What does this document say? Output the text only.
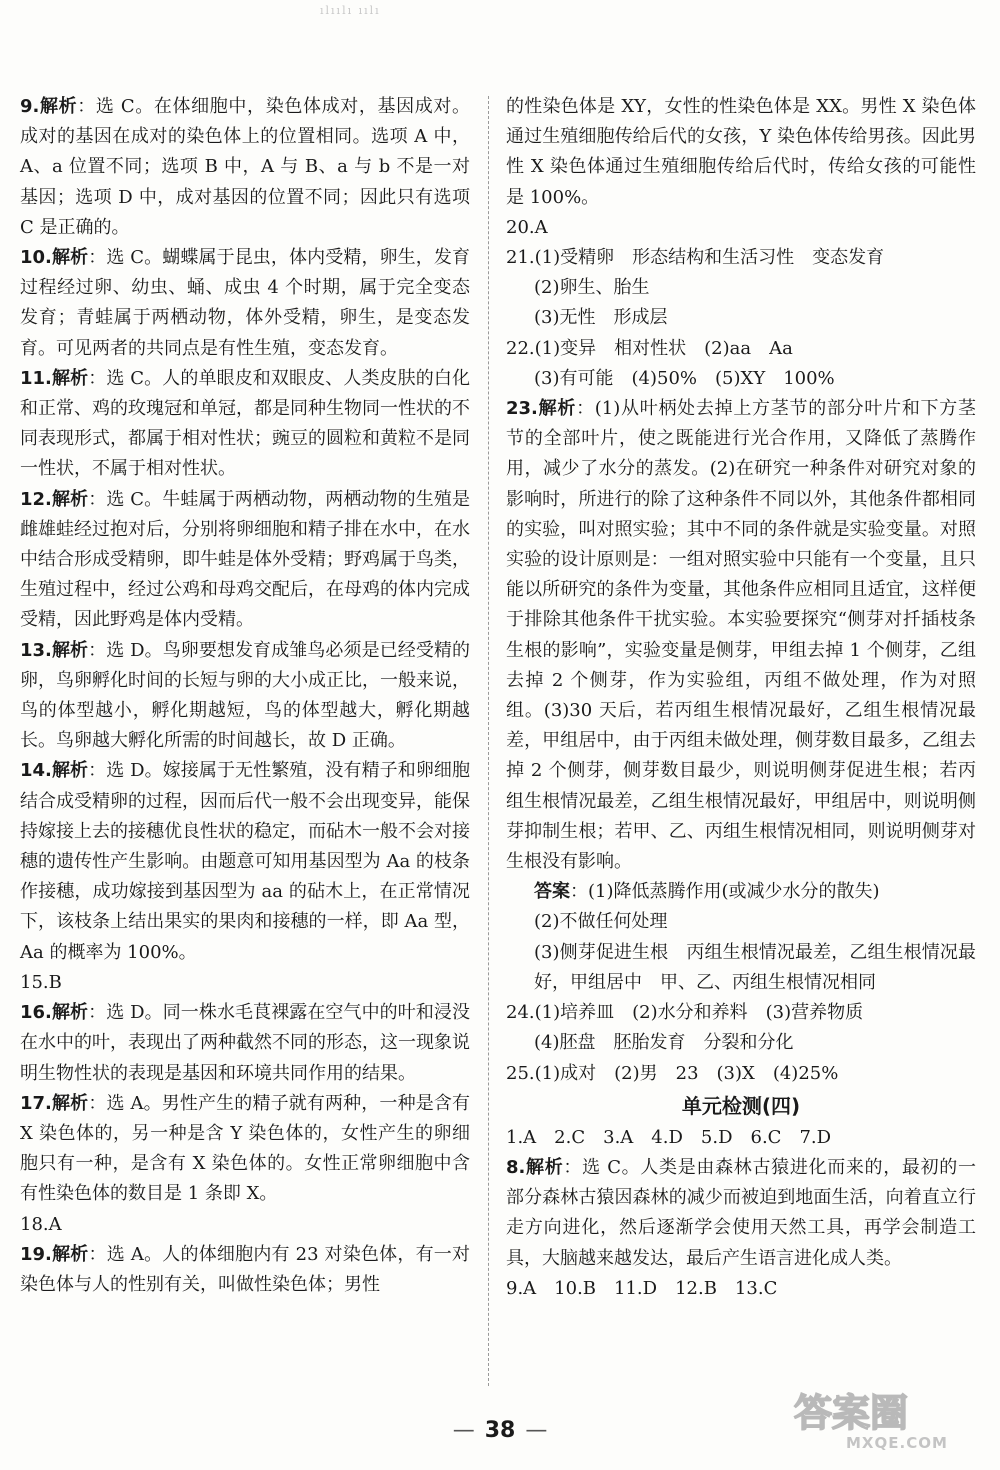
ılıılı ıılı

9.解析：选 C。在体细胞中，染色体成对，基因成对。成对的基因在成对的染色体上的位置相同。选项 A 中，A、a 位置不同；选项 B 中，A 与 B、a 与 b 不是一对基因；选项 D 中，成对基因的位置不同；因此只有选项 C 是正确的。

10.解析：选 C。蝴蝶属于昆虫，体内受精，卵生，发育过程经过卵、幼虫、蛹、成虫 4 个时期，属于完全变态发育；青蛙属于两栖动物，体外受精，卵生，是变态发育。可见两者的共同点是有性生殖，变态发育。

11.解析：选 C。人的单眼皮和双眼皮、人类皮肤的白化和正常、鸡的玫瑰冠和单冠，都是同种生物同一性状的不同表现形式，都属于相对性状；豌豆的圆粒和黄粒不是同一性状，不属于相对性状。

12.解析：选 C。牛蛙属于两栖动物，两栖动物的生殖是雌雄蛙经过抱对后，分别将卵细胞和精子排在水中，在水中结合形成受精卵，即牛蛙是体外受精；野鸡属于鸟类，生殖过程中，经过公鸡和母鸡交配后，在母鸡的体内完成受精，因此野鸡是体内受精。

13.解析：选 D。鸟卵要想发育成雏鸟必须是已经受精的卵，鸟卵孵化时间的长短与卵的大小成正比，一般来说，鸟的体型越小，孵化期越短，鸟的体型越大，孵化期越长。鸟卵越大孵化所需的时间越长，故 D 正确。

14.解析：选 D。嫁接属于无性繁殖，没有精子和卵细胞结合成受精卵的过程，因而后代一般不会出现变异，能保持嫁接上去的接穗优良性状的稳定，而砧木一般不会对接穗的遗传性产生影响。由题意可知用基因型为 Aa 的枝条作接穗，成功嫁接到基因型为 aa 的砧木上，在正常情况下，该枝条上结出果实的果肉和接穗的一样，即 Aa 型，Aa 的概率为 100%。

15.B

16.解析：选 D。同一株水毛茛裸露在空气中的叶和浸没在水中的叶，表现出了两种截然不同的形态，这一现象说明生物性状的表现是基因和环境共同作用的结果。

17.解析：选 A。男性产生的精子就有两种，一种是含有 X 染色体的，另一种是含 Y 染色体的，女性产生的卵细胞只有一种，是含有 X 染色体的。女性正常卵细胞中含有性染色体的数目是 1 条即 X。

18.A

19.解析：选 A。人的体细胞内有 23 对染色体，有一对染色体与人的性别有关，叫做性染色体；男性

的性染色体是 XY，女性的性染色体是 XX。男性 X 染色体通过生殖细胞传给后代的女孩，Y 染色体传给男孩。因此男性 X 染色体通过生殖细胞传给后代时，传给女孩的可能性是 100%。

20.A

21.(1)受精卵　形态结构和生活习性　变态发育

(2)卵生、胎生

(3)无性　形成层

22.(1)变异　相对性状　(2)aa　Aa

(3)有可能　(4)50%　(5)XY　100%

23.解析：(1)从叶柄处去掉上方茎节的部分叶片和下方茎节的全部叶片，使之既能进行光合作用，又降低了蒸腾作用，减少了水分的蒸发。(2)在研究一种条件对研究对象的影响时，所进行的除了这种条件不同以外，其他条件都相同的实验，叫对照实验；其中不同的条件就是实验变量。对照实验的设计原则是：一组对照实验中只能有一个变量，且只能以所研究的条件为变量，其他条件应相同且适宜，这样便于排除其他条件干扰实验。本实验要探究“侧芽对扦插枝条生根的影响”，实验变量是侧芽，甲组去掉 1 个侧芽，乙组去掉 2 个侧芽，作为实验组，丙组不做处理，作为对照组。(3)30 天后，若丙组生根情况最好，乙组生根情况最差，甲组居中，由于丙组未做处理，侧芽数目最多，乙组去掉 2 个侧芽，侧芽数目最少，则说明侧芽促进生根；若丙组生根情况最差，乙组生根情况最好，甲组居中，则说明侧芽抑制生根；若甲、乙、丙组生根情况相同，则说明侧芽对生根没有影响。

答案：(1)降低蒸腾作用(或减少水分的散失)

(2)不做任何处理

(3)侧芽促进生根　丙组生根情况最差，乙组生根情况最好，甲组居中　甲、乙、丙组生根情况相同

24.(1)培养皿　(2)水分和养料　(3)营养物质

(4)胚盘　胚胎发育　分裂和分化

25.(1)成对　(2)男　23　(3)X　(4)25%

单元检测(四)

1.A　2.C　3.A　4.D　5.D　6.C　7.D

8.解析：选 C。人类是由森林古猿进化而来的，最初的一部分森林古猿因森林的减少而被迫到地面生活，向着直立行走方向进化，然后逐渐学会使用天然工具，再学会制造工具，大脑越来越发达，最后产生语言进化成人类。

9.A　10.B　11.D　12.B　13.C

— 38 —	答案圈
MXQE.COM
